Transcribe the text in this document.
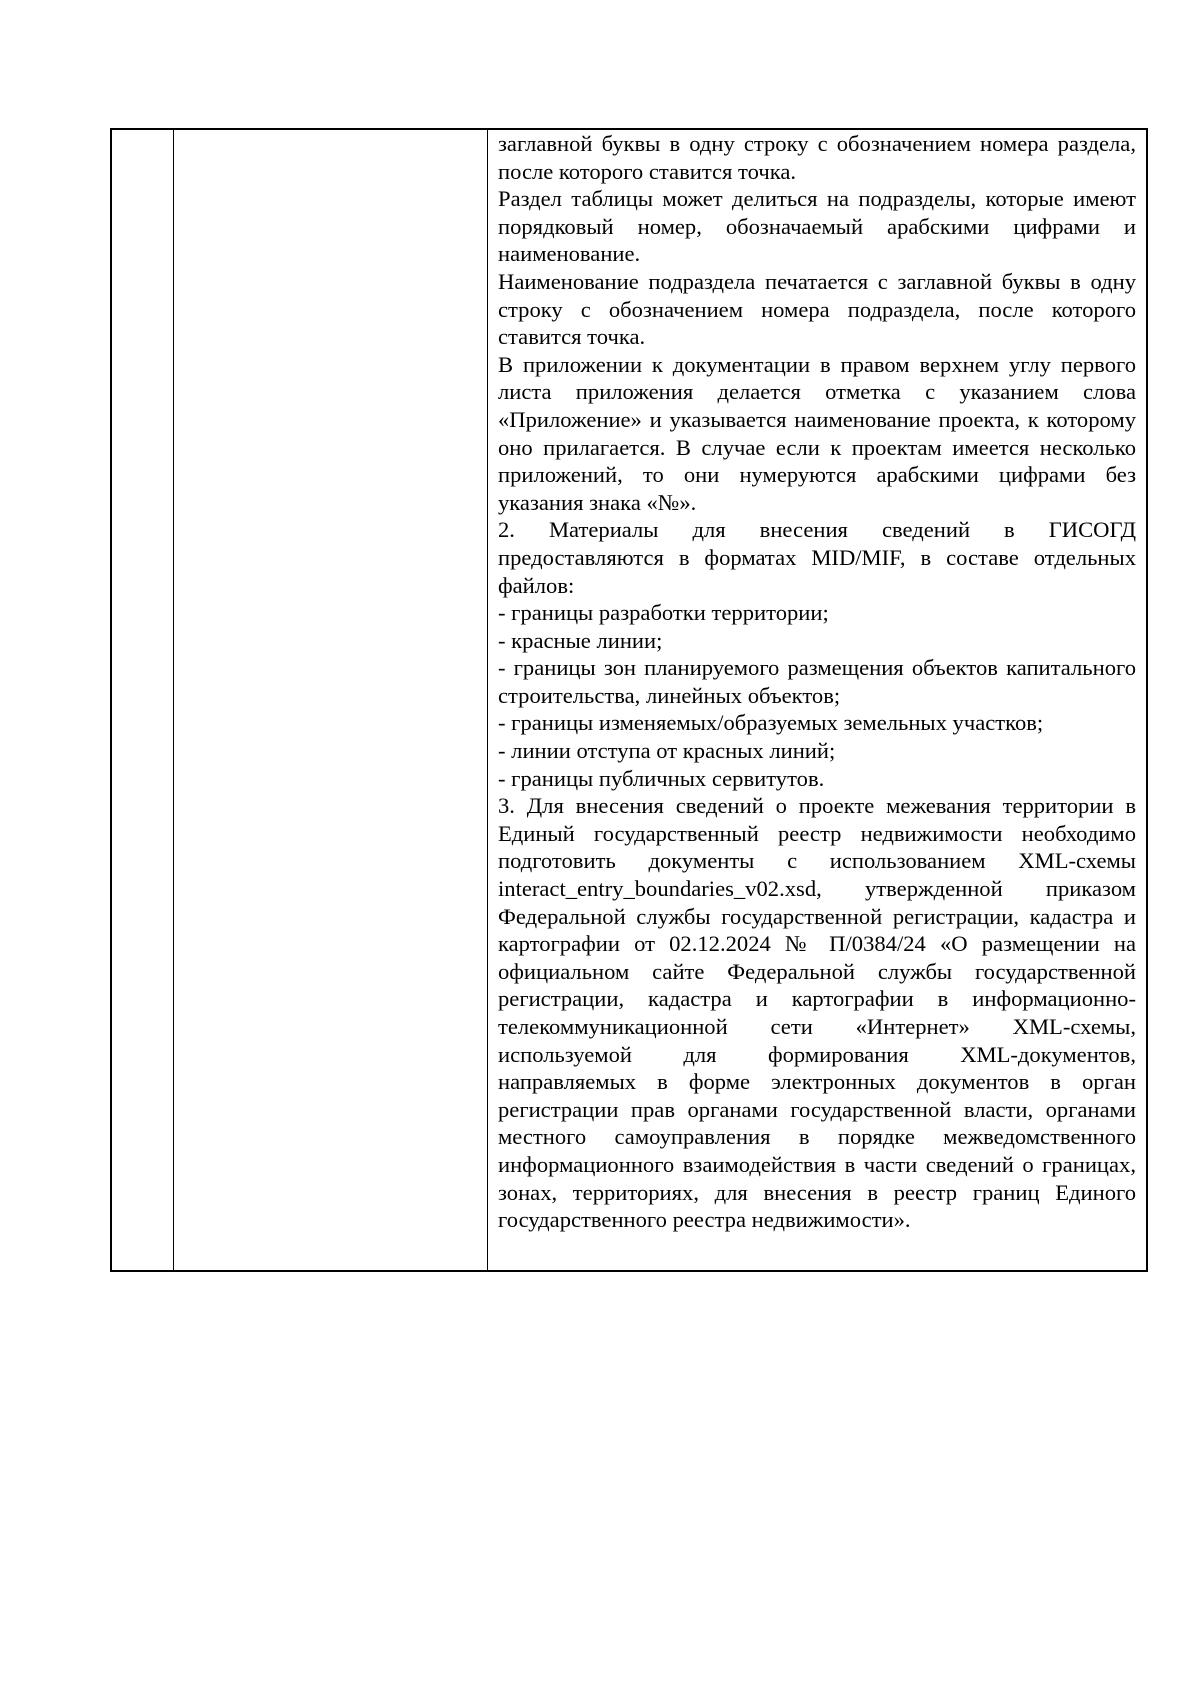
заглавной буквы в одну строку с обозначением номера раздела, после которого ставится точка.

Раздел таблицы может делиться на подразделы, которые имеют порядковый номер, обозначаемый арабскими цифрами и наименование.

Наименование подраздела печатается с заглавной буквы в одну строку с обозначением номера подраздела, после которого ставится точка.

В приложении к документации в правом верхнем углу первого листа приложения делается отметка с указанием слова «Приложение» и указывается наименование проекта, к которому оно прилагается. В случае если к проектам имеется несколько приложений, то они нумеруются арабскими цифрами без указания знака «№».

2. Материалы для внесения сведений в ГИСОГД предоставляются в форматах MID/MIF, в составе отдельных файлов:

- границы разработки территории;

- красные линии;

- границы зон планируемого размещения объектов капитального строительства, линейных объектов;

- границы изменяемых/образуемых земельных участков;

- линии отступа от красных линий;

- границы публичных сервитутов.

3. Для внесения сведений о проекте межевания территории в Единый государственный реестр недвижимости необходимо подготовить документы с использованием XML-схемы interact_entry_boundaries_v02.xsd, утвержденной приказом Федеральной службы государственной регистрации, кадастра и картографии от 02.12.2024 № П/0384/24 «О размещении на официальном сайте Федеральной службы государственной регистрации, кадастра и картографии в информационно-телекоммуникационной сети «Интернет» XML-схемы, используемой для формирования XML-документов, направляемых в форме электронных документов в орган регистрации прав органами государственной власти, органами местного самоуправления в порядке межведомственного информационного взаимодействия в части сведений о границах, зонах, территориях, для внесения в реестр границ Единого государственного реестра недвижимости».
